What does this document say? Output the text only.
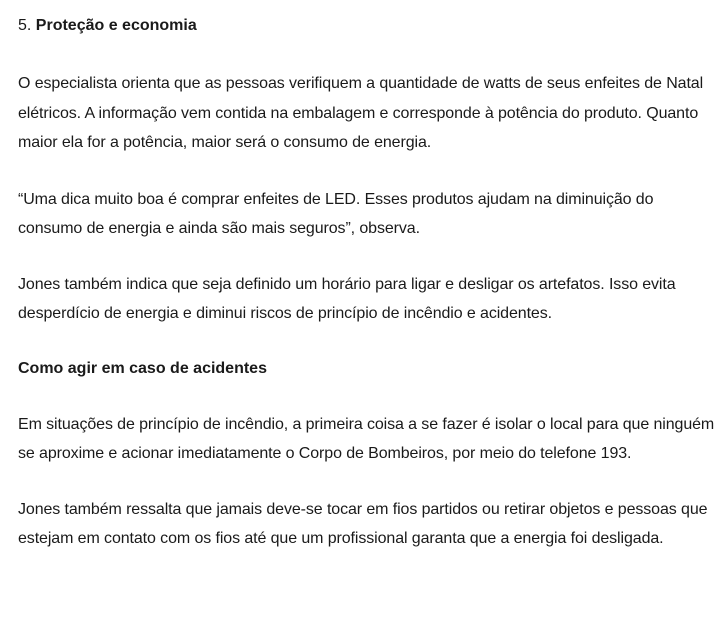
5. Proteção e economia

O especialista orienta que as pessoas verifiquem a quantidade de watts de seus enfeites de Natal elétricos. A informação vem contida na embalagem e corresponde à potência do produto. Quanto maior ela for a potência, maior será o consumo de energia.

“Uma dica muito boa é comprar enfeites de LED. Esses produtos ajudam na diminuição do consumo de energia e ainda são mais seguros”, observa.

Jones também indica que seja definido um horário para ligar e desligar os artefatos. Isso evita desperdício de energia e diminui riscos de princípio de incêndio e acidentes.

Como agir em caso de acidentes

Em situações de princípio de incêndio, a primeira coisa a se fazer é isolar o local para que ninguém se aproxime e acionar imediatamente o Corpo de Bombeiros, por meio do telefone 193.

Jones também ressalta que jamais deve-se tocar em fios partidos ou retirar objetos e pessoas que estejam em contato com os fios até que um profissional garanta que a energia foi desligada.
